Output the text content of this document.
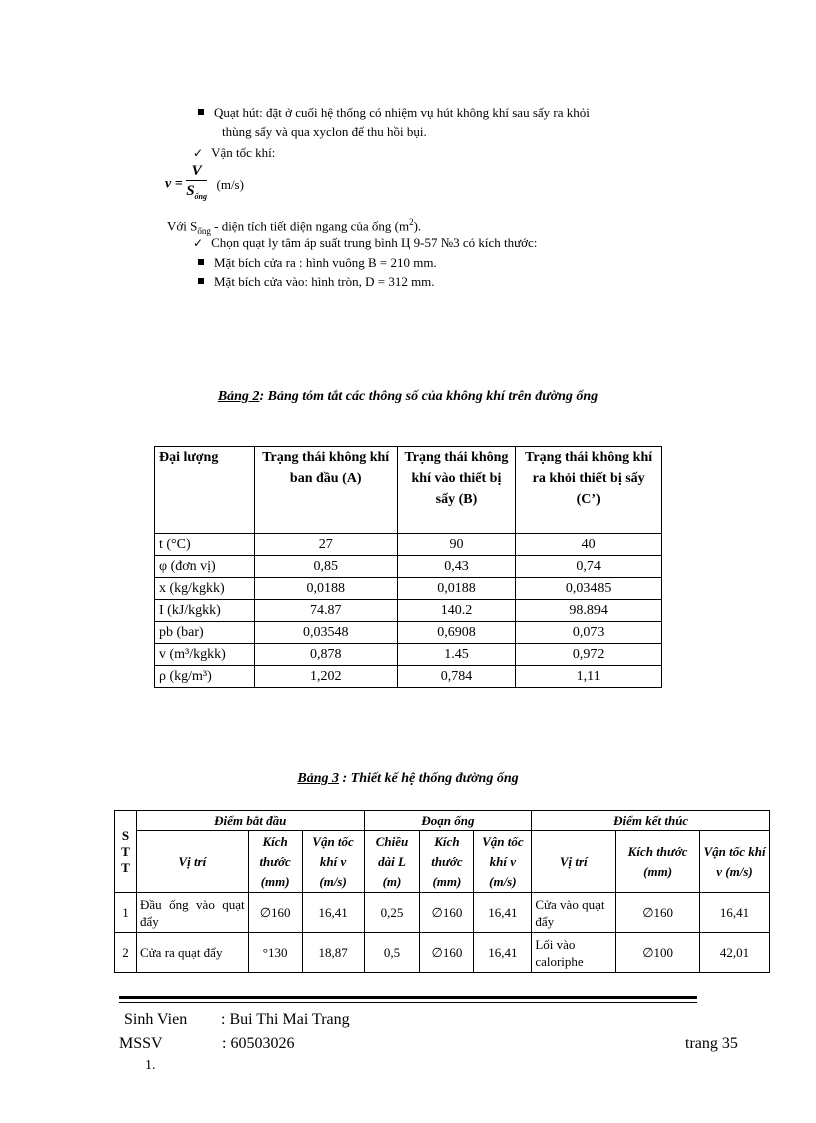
Quạt hút: đặt ở cuối hệ thống có nhiệm vụ hút không khí sau sấy ra khỏi
thùng sấy và qua xyclon để thu hồi bụi.
✓ Vận tốc khí:
$v = \frac{V}{S_{ống}} (m/s)$
Với $S_{ống}$ - diện tích tiết diện ngang của ống $(m^2)$.
✓ Chọn quạt ly tâm áp suất trung bình Ц 9-57 №3 có kích thước:
Mặt bích cửa ra : hình vuông B = 210 mm.
Mặt bích cửa vào: hình tròn, D = 312 mm.
Bảng 2: Bảng tóm tắt các thông số của không khí trên đường ống
Đại lượng	Trạng thái không khí ban đầu (A)	Trạng thái không khí vào thiết bị sấy (B)	Trạng thái không khí ra khỏi thiết bị sấy (C’)
t (°C)	27	90	40
φ (đơn vị)	0,85	0,43	0,74
x (kg/kgkk)	0,0188	0,0188	0,03485
I (kJ/kgkk)	74.87	140.2	98.894
pb (bar)	0,03548	0,6908	0,073
v (m³/kgkk)	0,878	1.45	0,972
ρ (kg/m³)	1,202	0,784	1,11
Bảng 3 : Thiết kế hệ thống đường ống
S T T	Điểm bắt đầu			Đoạn ống			Điểm kết thúc		
	Vị trí	Kích thước (mm)	Vận tốc khí v (m/s)	Chiều dài L (m)	Kích thước (mm)	Vận tốc khí v (m/s)	Vị trí	Kích thước (mm)	Vận tốc khí v (m/s)
1	Đầu ống vào quạt đẩy	∅160	16,41	0,25	∅160	16,41	Cửa vào quạt đẩy	∅160	16,41
2	Cửa ra quạt đẩy	°130	18,87	0,5	∅160	16,41	Lối vào caloriphe	∅100	42,01
Sinh Vien : Bui Thi Mai Trang
MSSV	: 60503026	trang 35
1.
